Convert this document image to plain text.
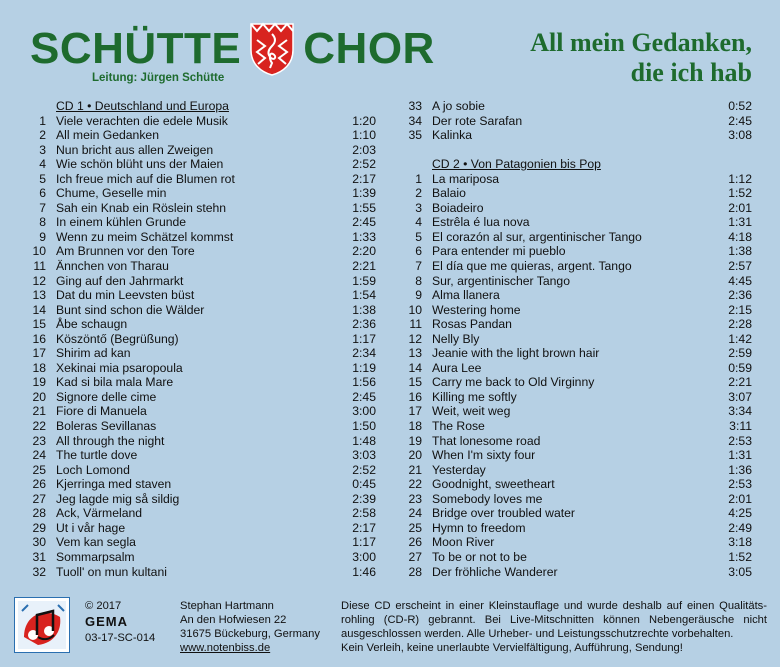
SCHÜTTE CHOR
Leitung: Jürgen Schütte
All mein Gedanken,
die ich hab
CD 1 • Deutschland und Europa
1 Viele verachten die edele Musik	1:20
2 All mein Gedanken	1:10
3 Nun bricht aus allen Zweigen	2:03
4 Wie schön blüht uns der Maien	2:52
5 Ich freue mich auf die Blumen rot	2:17
6 Chume, Geselle min	1:39
7 Sah ein Knab ein Röslein stehn	1:55
8 In einem kühlen Grunde	2:45
9 Wenn zu meim Schätzel kommst	1:33
10 Am Brunnen vor den Tore	2:20
11 Ännchen von Tharau	2:21
12 Ging auf den Jahrmarkt	1:59
13 Dat du min Leevsten büst	1:54
14 Bunt sind schon die Wälder	1:38
15 Åbe schaugn	2:36
16 Köszöntő (Begrüßung)	1:17
17 Shirim ad kan	2:34
18 Xekinai mia psaropoula	1:19
19 Kad si bila mala Mare	1:56
20 Signore delle cime	2:45
21 Fiore di Manuela	3:00
22 Boleras Sevillanas	1:50
23 All through the night	1:48
24 The turtle dove	3:03
25 Loch Lomond	2:52
26 Kjerringa med staven	0:45
27 Jeg lagde mig så sildig	2:39
28 Ack, Värmeland	2:58
29 Ut i vår hage	2:17
30 Vem kan segla	1:17
31 Sommarpsalm	3:00
32 Tuoll' on mun kultani	1:46
33 A jo sobie	0:52
34 Der rote Sarafan	2:45
35 Kalinka	3:08
CD 2 • Von Patagonien bis Pop
1 La mariposa	1:12
2 Balaio	1:52
3 Boiadeiro	2:01
4 Estrêla é lua nova	1:31
5 El corazón al sur, argentinischer Tango	4:18
6 Para entender mi pueblo	1:38
7 El día que me quieras, argent. Tango	2:57
8 Sur, argentinischer Tango	4:45
9 Alma llanera	2:36
10 Westering home	2:15
11 Rosas Pandan	2:28
12 Nelly Bly	1:42
13 Jeanie with the light brown hair	2:59
14 Aura Lee	0:59
15 Carry me back to Old Virginny	2:21
16 Killing me softly	3:07
17 Weit, weit weg	3:34
18 The Rose	3:11
19 That lonesome road	2:53
20 When I'm sixty four	1:31
21 Yesterday	1:36
22 Goodnight, sweetheart	2:53
23 Somebody loves me	2:01
24 Bridge over troubled water	4:25
25 Hymn to freedom	2:49
26 Moon River	3:18
27 To be or not to be	1:52
28 Der fröhliche Wanderer	3:05
© 2017
GEMA
03-17-SC-014
Stephan Hartmann
An den Hofwiesen 22
31675 Bückeburg, Germany
www.notenbiss.de

Diese CD erscheint in einer Kleinstauflage und wurde deshalb auf einen Qualitäts-rohling (CD-R) gebrannt. Bei Live-Mitschnitten können Nebengeräusche nicht ausgeschlossen werden. Alle Urheber- und Leistungsschutzrechte vorbehalten.

Kein Verleih, keine unerlaubte Vervielfältigung, Aufführung, Sendung!
